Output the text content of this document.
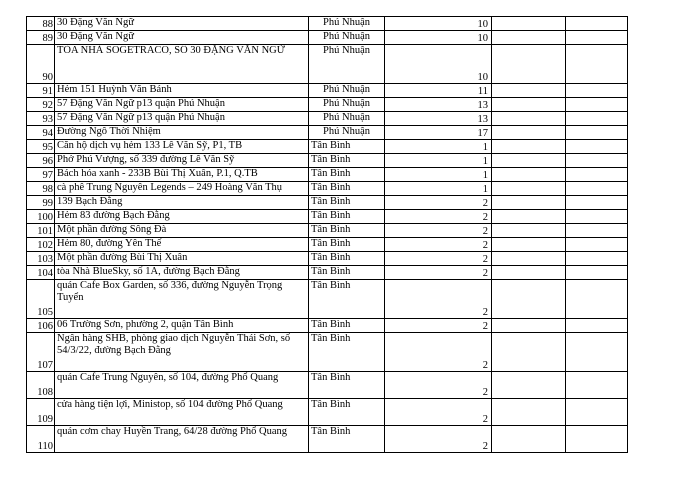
88	30 Đặng Văn Ngữ	Phú Nhuận	10		
89	30 Đặng Văn Ngữ	Phú Nhuận	10		
90	TÒA NHÀ SOGETRACO, SỐ 30 ĐẶNG VĂN NGỮ	Phú Nhuận	10		
91	Hẻm 151 Huỳnh Văn Bánh	Phú Nhuận	11		
92	57 Đặng Văn Ngữ p13 quận Phú Nhuận	Phú Nhuận	13		
93	57 Đặng Văn Ngữ p13 quận Phú Nhuận	Phú Nhuận	13		
94	Đường Ngô Thời Nhiệm	Phú Nhuận	17		
95	Căn hộ dịch vụ hẻm 133 Lê Văn Sỹ, P1, TB	Tân Bình	1		
96	Phở Phú Vượng, số 339 đường Lê Văn Sỹ	Tân Bình	1		
97	Bách hóa xanh - 233B Bùi Thị Xuân, P.1, Q.TB	Tân Bình	1		
98	cà phê Trung Nguyên Legends – 249 Hoàng Văn Thụ	Tân Bình	1		
99	139 Bạch Đằng	Tân Bình	2		
100	Hẻm 83 đường Bạch Đằng	Tân Bình	2		
101	Một phần đường Sông Đà	Tân Bình	2		
102	Hẻm 80, đường Yên Thế	Tân Bình	2		
103	Một phần đường Bùi Thị Xuân	Tân Bình	2		
104	tòa Nhà BlueSky, số 1A, đường Bạch Đằng	Tân Bình	2		
105	quán Cafe Box Garden, số 336, đường Nguyễn Trọng Tuyển	Tân Bình	2		
106	06 Trường Sơn, phường 2, quận Tân Bình	Tân Bình	2		
107	Ngân hàng SHB, phòng giao dịch Nguyễn Thái Sơn, số 54/3/22, đường Bạch Đằng	Tân Bình	2		
108	quán Cafe Trung Nguyên, số 104, đường Phổ Quang	Tân Bình	2		
109	cửa hàng tiện lợi, Ministop, số 104 đường Phổ Quang	Tân Bình	2		
110	quán cơm chay Huyền Trang, 64/28 đường Phổ Quang	Tân Bình	2		
